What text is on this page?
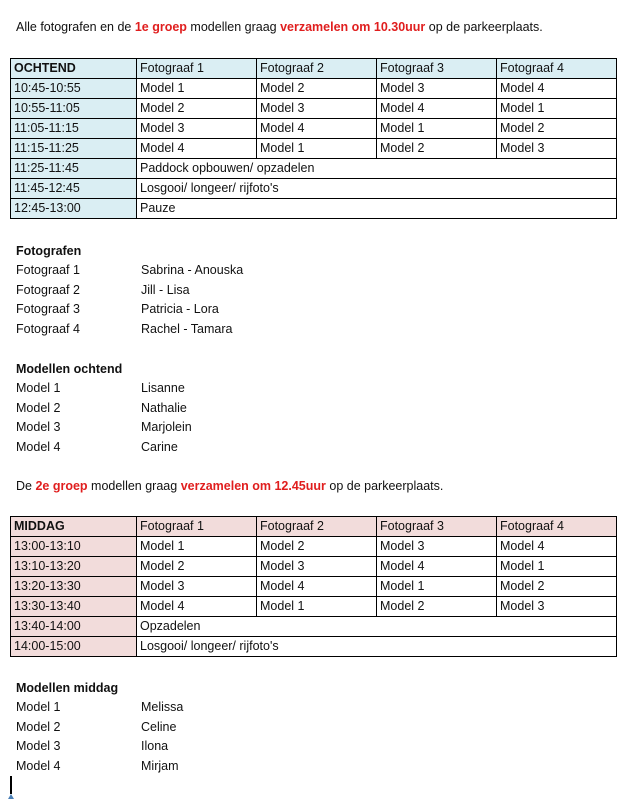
Alle fotografen en de 1e groep modellen graag verzamelen om 10.30uur op de parkeerplaats.
OCHTEND	Fotograaf 1	Fotograaf 2	Fotograaf 3	Fotograaf 4
10:45-10:55	Model 1	Model 2	Model 3	Model 4
10:55-11:05	Model 2	Model 3	Model 4	Model 1
11:05-11:15	Model 3	Model 4	Model 1	Model 2
11:15-11:25	Model 4	Model 1	Model 2	Model 3
11:25-11:45	Paddock opbouwen/ opzadelen			
11:45-12:45	Losgooi/ longeer/ rijfoto's			
12:45-13:00	Pauze			
Fotografen
Fotograaf 1	Sabrina - Anouska
Fotograaf 2	Jill - Lisa
Fotograaf 3	Patricia - Lora
Fotograaf 4	Rachel - Tamara
Modellen ochtend
Model 1	Lisanne
Model 2	Nathalie
Model 3	Marjolein
Model 4	Carine
De 2e groep modellen graag verzamelen om 12.45uur op de parkeerplaats.
MIDDAG	Fotograaf 1	Fotograaf 2	Fotograaf 3	Fotograaf 4
13:00-13:10	Model 1	Model 2	Model 3	Model 4
13:10-13:20	Model 2	Model 3	Model 4	Model 1
13:20-13:30	Model 3	Model 4	Model 1	Model 2
13:30-13:40	Model 4	Model 1	Model 2	Model 3
13:40-14:00	Opzadelen			
14:00-15:00	Losgooi/ longeer/ rijfoto's			
Modellen middag
Model 1	Melissa
Model 2	Celine
Model 3	Ilona
Model 4	Mirjam
